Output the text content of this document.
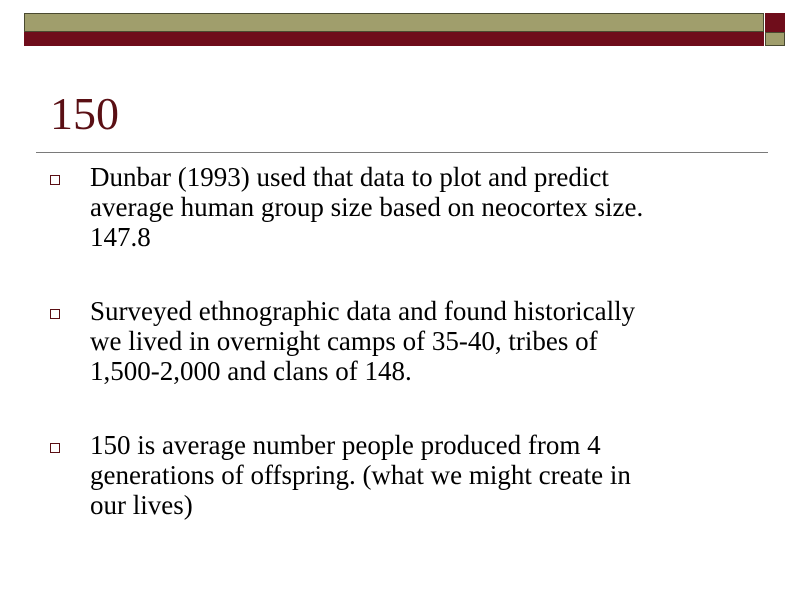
150
Dunbar (1993) used that data to plot and predict
average human group size based on neocortex size.
147.8
Surveyed ethnographic data and found historically
we lived in overnight camps of 35-40, tribes of
1,500-2,000 and clans of 148.
150 is average number people produced from 4
generations of offspring. (what we might create in
our lives)
